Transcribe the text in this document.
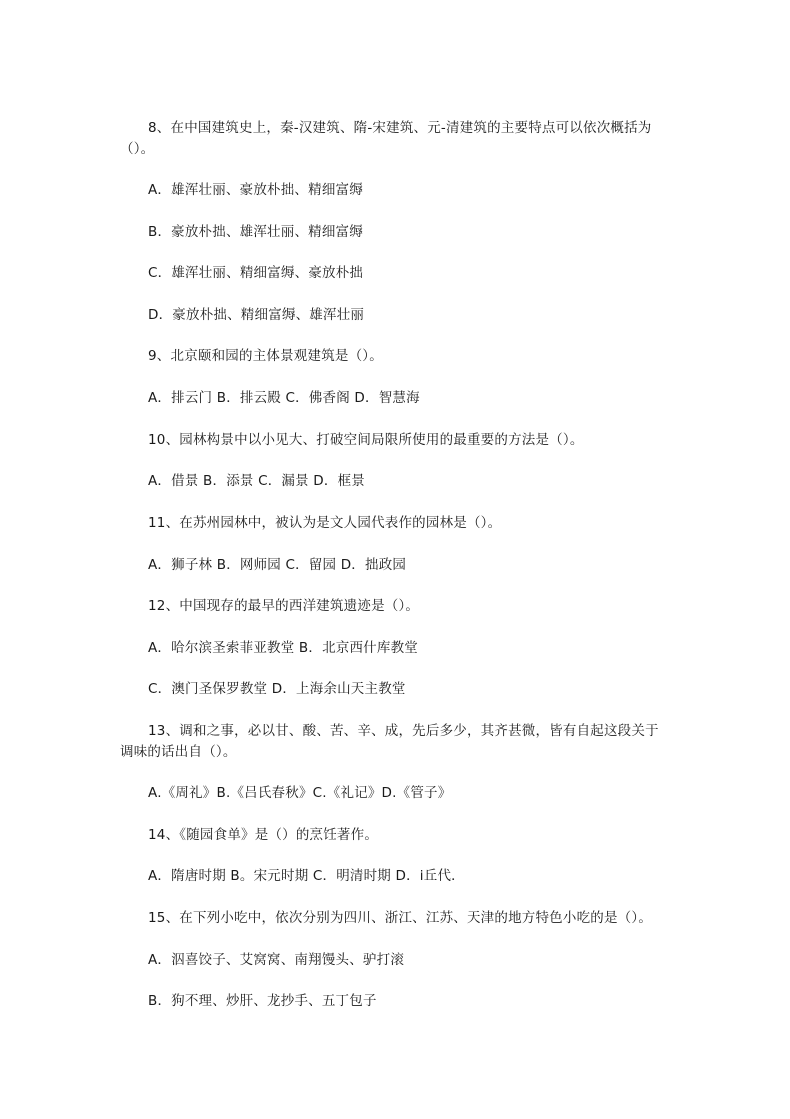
8、在中国建筑史上，秦-汉建筑、隋-宋建筑、元-清建筑的主要特点可以依次概括为
（）。
A．雄浑壮丽、豪放朴拙、精细富缛
B．豪放朴拙、雄浑壮丽、精细富缛
C．雄浑壮丽、精细富缛、豪放朴拙
D．豪放朴拙、精细富缛、雄浑壮丽
9、北京颐和园的主体景观建筑是（）。
A．排云门 B．排云殿 C．佛香阁 D．智慧海
10、园林构景中以小见大、打破空间局限所使用的最重要的方法是（）。
A．借景 B．添景 C．漏景 D．框景
11、在苏州园林中，被认为是文人园代表作的园林是（）。
A．狮子林 B．网师园 C．留园 D．拙政园
12、中国现存的最早的西洋建筑遗迹是（）。
A．哈尔滨圣索菲亚教堂 B．北京西什库教堂
C．澳门圣保罗教堂 D．上海余山天主教堂
13、调和之事，必以甘、酸、苦、辛、成，先后多少，其齐甚微，皆有自起这段关于
调味的话出自（）。
A.《周礼》B.《吕氏春秋》C.《礼记》D.《管子》
14、《随园食单》是（）的烹饪著作。
A．隋唐时期 B。宋元时期 C．明清时期 D．i丘代．
15、在下列小吃中，依次分别为四川、浙江、江苏、天津的地方特色小吃的是（）。
A．泅喜饺子、艾窝窝、南翔馒头、驴打滚
B．狗不理、炒肝、龙抄手、五丁包子
